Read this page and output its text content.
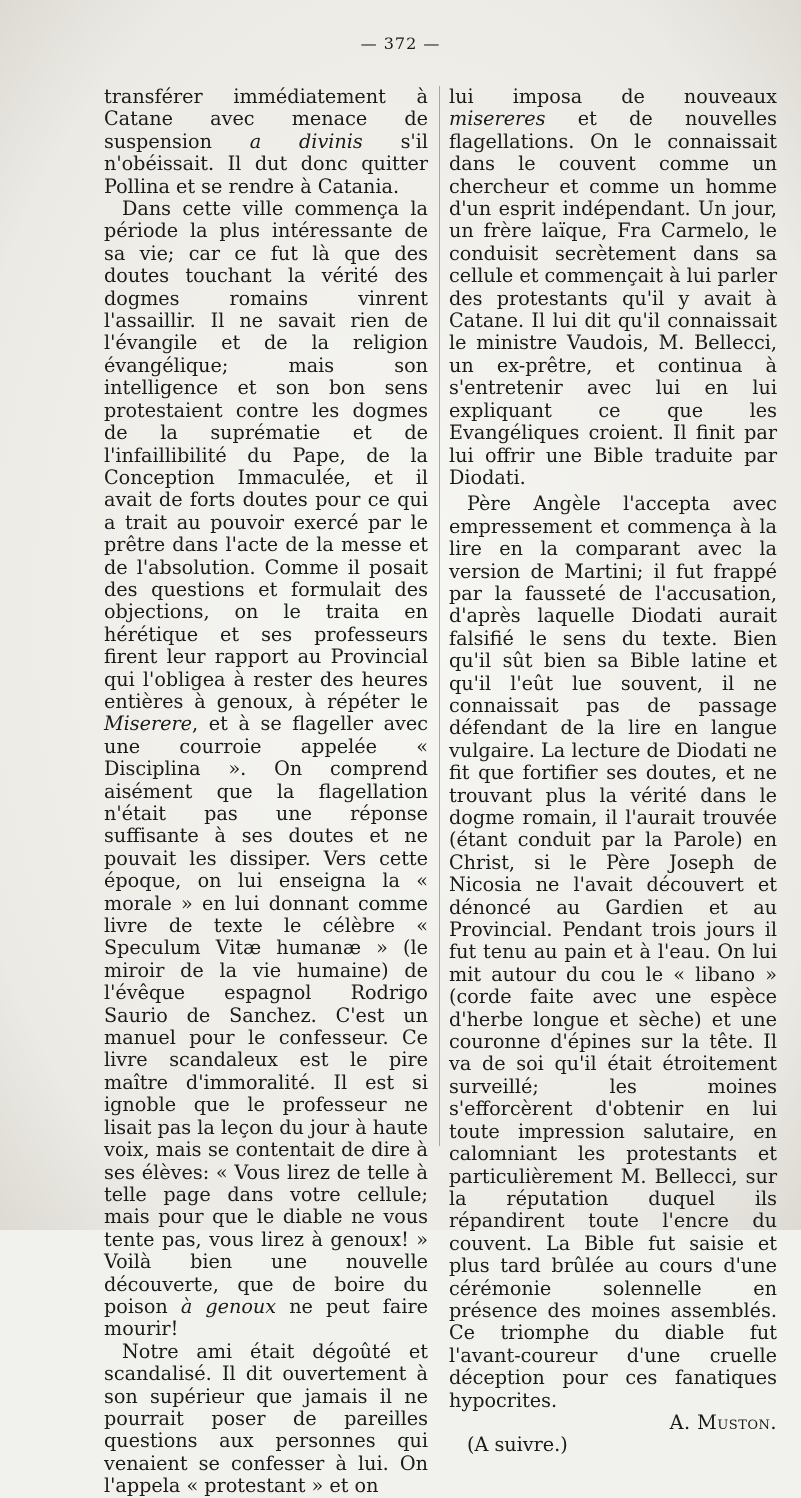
— 372 —

transférer immédiatement à Catane avec menace de suspension a divinis s'il n'obéissait. Il dut donc quitter Pollina et se rendre à Catania.

Dans cette ville commença la période la plus intéressante de sa vie; car ce fut là que des doutes touchant la vérité des dogmes romains vinrent l'assaillir. Il ne savait rien de l'évangile et de la religion évangélique; mais son intelligence et son bon sens protestaient contre les dogmes de la suprématie et de l'infaillibilité du Pape, de la Conception Immaculée, et il avait de forts doutes pour ce qui a trait au pouvoir exercé par le prêtre dans l'acte de la messe et de l'absolution. Comme il posait des questions et formulait des objections, on le traita en hérétique et ses professeurs firent leur rapport au Provincial qui l'obligea à rester des heures entières à genoux, à répéter le Miserere, et à se flageller avec une courroie appelée « Disciplina ». On comprend aisément que la flagellation n'était pas une réponse suffisante à ses doutes et ne pouvait les dissiper. Vers cette époque, on lui enseigna la « morale » en lui donnant comme livre de texte le célèbre « Speculum Vitæ humanæ » (le miroir de la vie humaine) de l'évêque espagnol Rodrigo Saurio de Sanchez. C'est un manuel pour le confesseur. Ce livre scandaleux est le pire maître d'immoralité. Il est si ignoble que le professeur ne lisait pas la leçon du jour à haute voix, mais se contentait de dire à ses élèves: « Vous lirez de telle à telle page dans votre cellule; mais pour que le diable ne vous tente pas, vous lirez à genoux! » Voilà bien une nouvelle découverte, que de boire du poison à genoux ne peut faire mourir!

Notre ami était dégoûté et scandalisé. Il dit ouvertement à son supérieur que jamais il ne pourrait poser de pareilles questions aux personnes qui venaient se confesser à lui. On l'appela « protestant » et on

lui imposa de nouveaux misereres et de nouvelles flagellations. On le connaissait dans le couvent comme un chercheur et comme un homme d'un esprit indépendant. Un jour, un frère laïque, Fra Carmelo, le conduisit secrètement dans sa cellule et commençait à lui parler des protestants qu'il y avait à Catane. Il lui dit qu'il connaissait le ministre Vaudois, M. Bellecci, un ex-prêtre, et continua à s'entretenir avec lui en lui expliquant ce que les Evangéliques croient. Il finit par lui offrir une Bible traduite par Diodati.

Père Angèle l'accepta avec empressement et commença à la lire en la comparant avec la version de Martini; il fut frappé par la fausseté de l'accusation, d'après laquelle Diodati aurait falsifié le sens du texte. Bien qu'il sût bien sa Bible latine et qu'il l'eût lue souvent, il ne connaissait pas de passage défendant de la lire en langue vulgaire. La lecture de Diodati ne fit que fortifier ses doutes, et ne trouvant plus la vérité dans le dogme romain, il l'aurait trouvée (étant conduit par la Parole) en Christ, si le Père Joseph de Nicosia ne l'avait découvert et dénoncé au Gardien et au Provincial. Pendant trois jours il fut tenu au pain et à l'eau. On lui mit autour du cou le « libano » (corde faite avec une espèce d'herbe longue et sèche) et une couronne d'épines sur la tête. Il va de soi qu'il était étroitement surveillé; les moines s'efforcèrent d'obtenir en lui toute impression salutaire, en calomniant les protestants et particulièrement M. Bellecci, sur la réputation duquel ils répandirent toute l'encre du couvent. La Bible fut saisie et plus tard brûlée au cours d'une cérémonie solennelle en présence des moines assemblés. Ce triomphe du diable fut l'avant-coureur d'une cruelle déception pour ces fanatiques hypocrites.

A. Muston.

(A suivre.)
